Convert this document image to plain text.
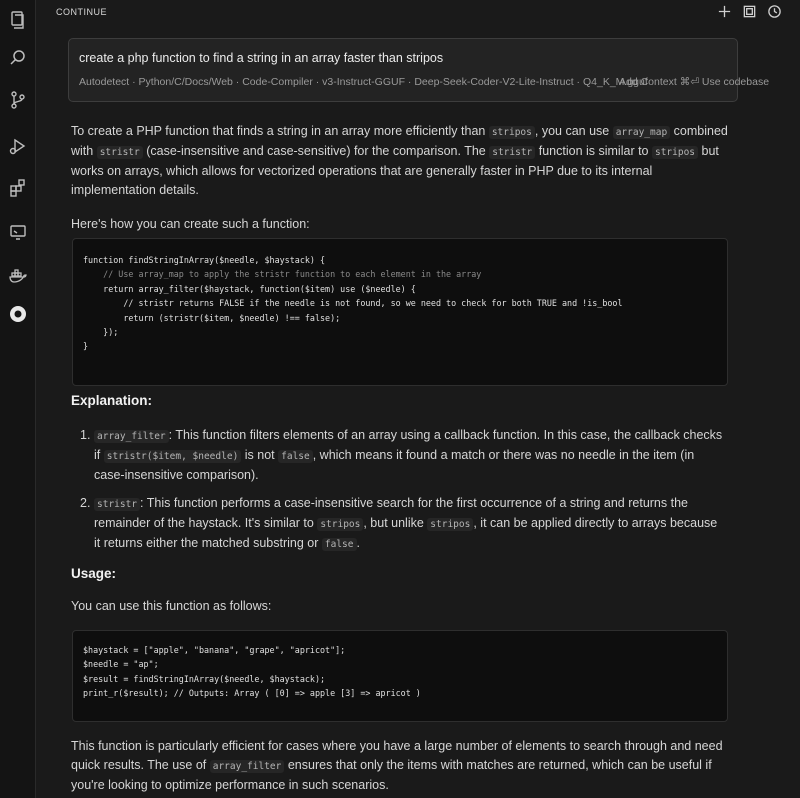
CONTINUE
create a php function to find a string in an array faster than stripos
Autodetect · Python/C/Docs/Web · Code-Compiler · v3-Instruct-GGUF · Deep-Seek-Coder-V2-Lite-Instruct · Q4_K_M.gguf
Add Context ⌘⏎ Use codebase

To create a PHP function that finds a string in an array more efficiently than stripos , you can use array_map combined with stristr (case-insensitive and case-sensitive) for the comparison. The stristr function is similar to stripos but works on arrays, which allows for vectorized operations that are generally faster in PHP due to its internal implementation details.

Here's how you can create such a function:

function findStringInArray($needle, $haystack) {
// Use array_map to apply the stristr function to each element in the array
return array_filter($haystack, function($item) use ($needle) {
// stristr returns FALSE if the needle is not found, so we need to check for both TRUE and !is_bool
return (stristr($item, $needle) !== false);
});
}
Explanation:
1. array_filter : This function filters elements of an array using a callback function. In this case, the callback checks if stristr($item, $needle) is not false , which means it found a match or there was no needle in the item (in case-insensitive comparison).
2. stristr : This function performs a case-insensitive search for the first occurrence of a string and returns the remainder of the haystack. It's similar to stripos , but unlike stripos , it can be applied directly to arrays because it returns either the matched substring or false .
Usage:
You can use this function as follows:
$haystack = ["apple", "banana", "grape", "apricot"];
$needle = "ap";
$result = findStringInArray($needle, $haystack);
print_r($result); // Outputs: Array ( [0] => apple [3] => apricot )
This function is particularly efficient for cases where you have a large number of elements to search through and need quick results. The use of array_filter ensures that only the items with matches are returned, which can be useful if you're looking to optimize performance in such scenarios.
